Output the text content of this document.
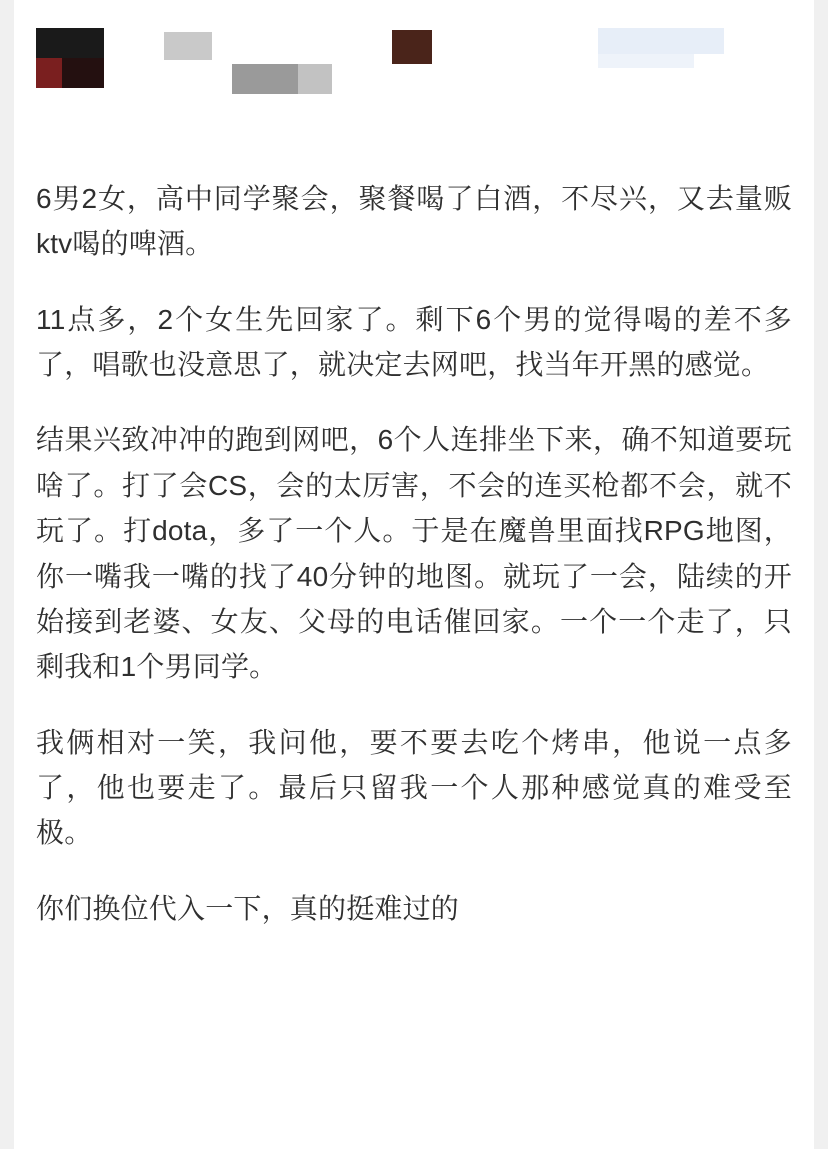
6男2女，高中同学聚会，聚餐喝了白酒，不尽兴，又去量贩ktv喝的啤酒。

11点多，2个女生先回家了。剩下6个男的觉得喝的差不多了，唱歌也没意思了，就决定去网吧，找当年开黑的感觉。

结果兴致冲冲的跑到网吧，6个人连排坐下来，确不知道要玩啥了。打了会CS，会的太厉害，不会的连买枪都不会，就不玩了。打dota，多了一个人。于是在魔兽里面找RPG地图，你一嘴我一嘴的找了40分钟的地图。就玩了一会，陆续的开始接到老婆、女友、父母的电话催回家。一个一个走了，只剩我和1个男同学。

我俩相对一笑，我问他，要不要去吃个烤串，他说一点多了，他也要走了。最后只留我一个人那种感觉真的难受至极。

你们换位代入一下，真的挺难过的
